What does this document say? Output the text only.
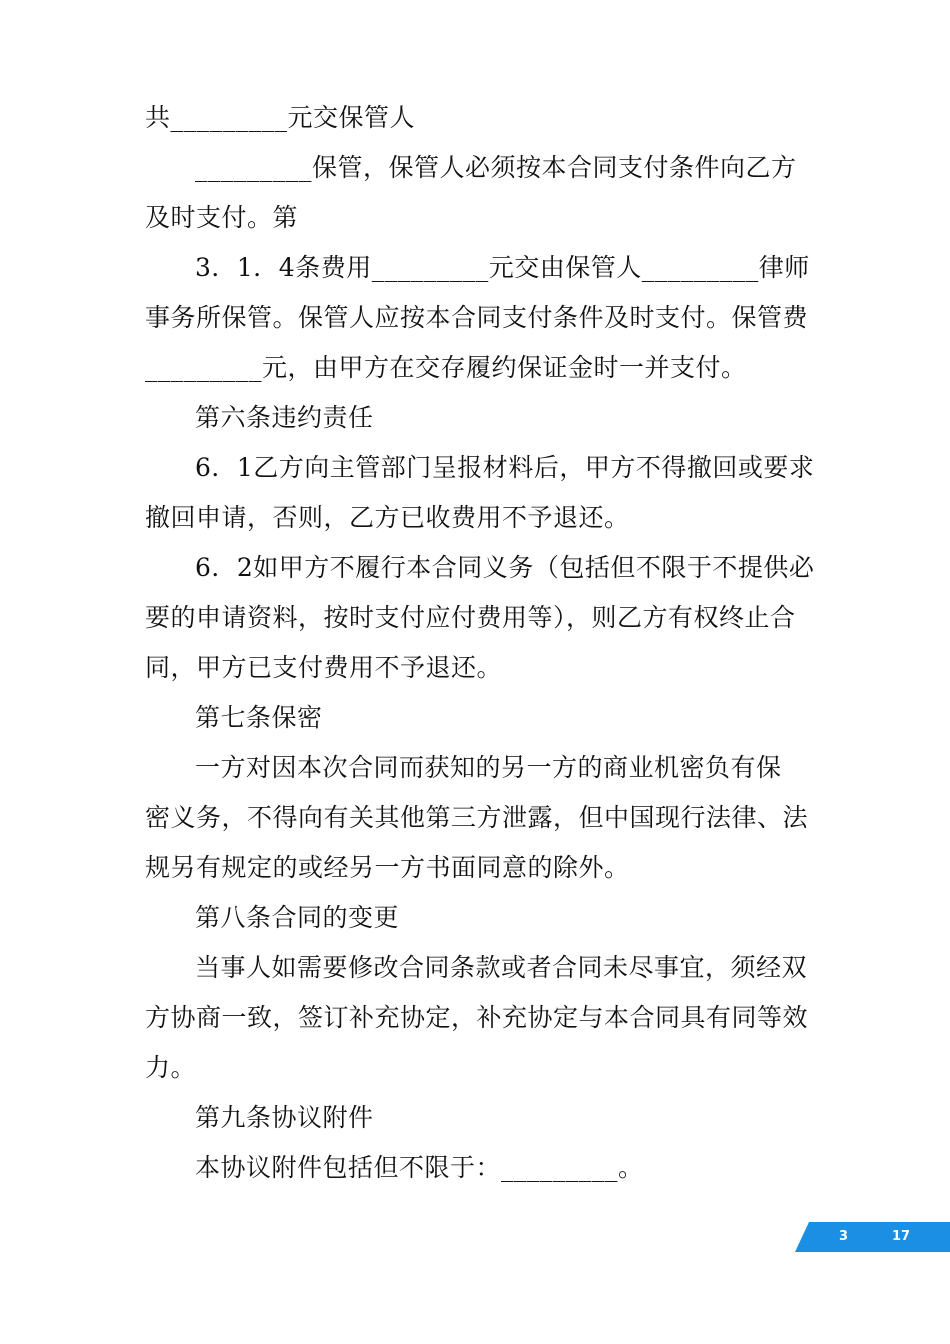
共_________元交保管人
_________保管，保管人必须按本合同支付条件向乙方
及时支付。第
3．1．4条费用_________元交由保管人_________律师
事务所保管。保管人应按本合同支付条件及时支付。保管费
_________元，由甲方在交存履约保证金时一并支付。
第六条违约责任
6．1乙方向主管部门呈报材料后，甲方不得撤回或要求
撤回申请，否则，乙方已收费用不予退还。
6．2如甲方不履行本合同义务（包括但不限于不提供必
要的申请资料，按时支付应付费用等），则乙方有权终止合
同，甲方已支付费用不予退还。
第七条保密
一方对因本次合同而获知的另一方的商业机密负有保
密义务，不得向有关其他第三方泄露，但中国现行法律、法
规另有规定的或经另一方书面同意的除外。
第八条合同的变更
当事人如需要修改合同条款或者合同未尽事宜，须经双
方协商一致，签订补充协定，补充协定与本合同具有同等效
力。
第九条协议附件
本协议附件包括但不限于：_________。
3	17
